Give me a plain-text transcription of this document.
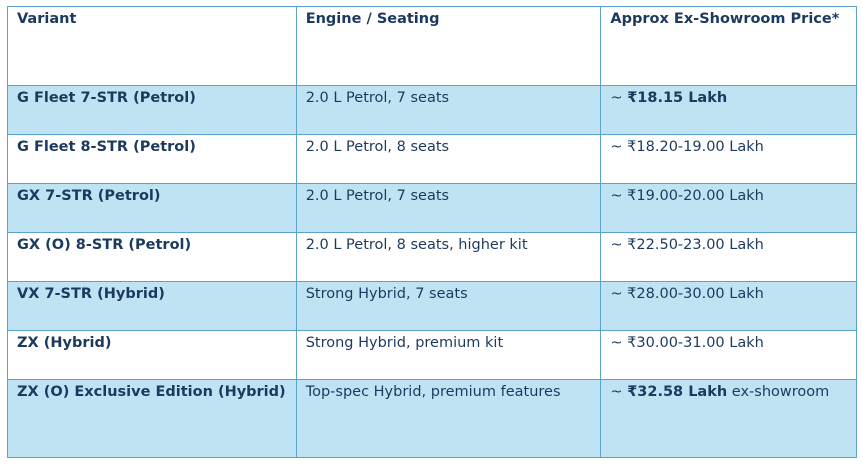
Variant	Engine / Seating	Approx Ex-Showroom Price*
G Fleet 7-STR (Petrol)	2.0 L Petrol, 7 seats	~ ₹18.15 Lakh
G Fleet 8-STR (Petrol)	2.0 L Petrol, 8 seats	~ ₹18.20-19.00 Lakh
GX 7-STR (Petrol)	2.0 L Petrol, 7 seats	~ ₹19.00-20.00 Lakh
GX (O) 8-STR (Petrol)	2.0 L Petrol, 8 seats, higher kit	~ ₹22.50-23.00 Lakh
VX 7-STR (Hybrid)	Strong Hybrid, 7 seats	~ ₹28.00-30.00 Lakh
ZX (Hybrid)	Strong Hybrid, premium kit	~ ₹30.00-31.00 Lakh
ZX (O) Exclusive Edition (Hybrid)	Top-spec Hybrid, premium features	~ ₹32.58 Lakh ex-showroom
